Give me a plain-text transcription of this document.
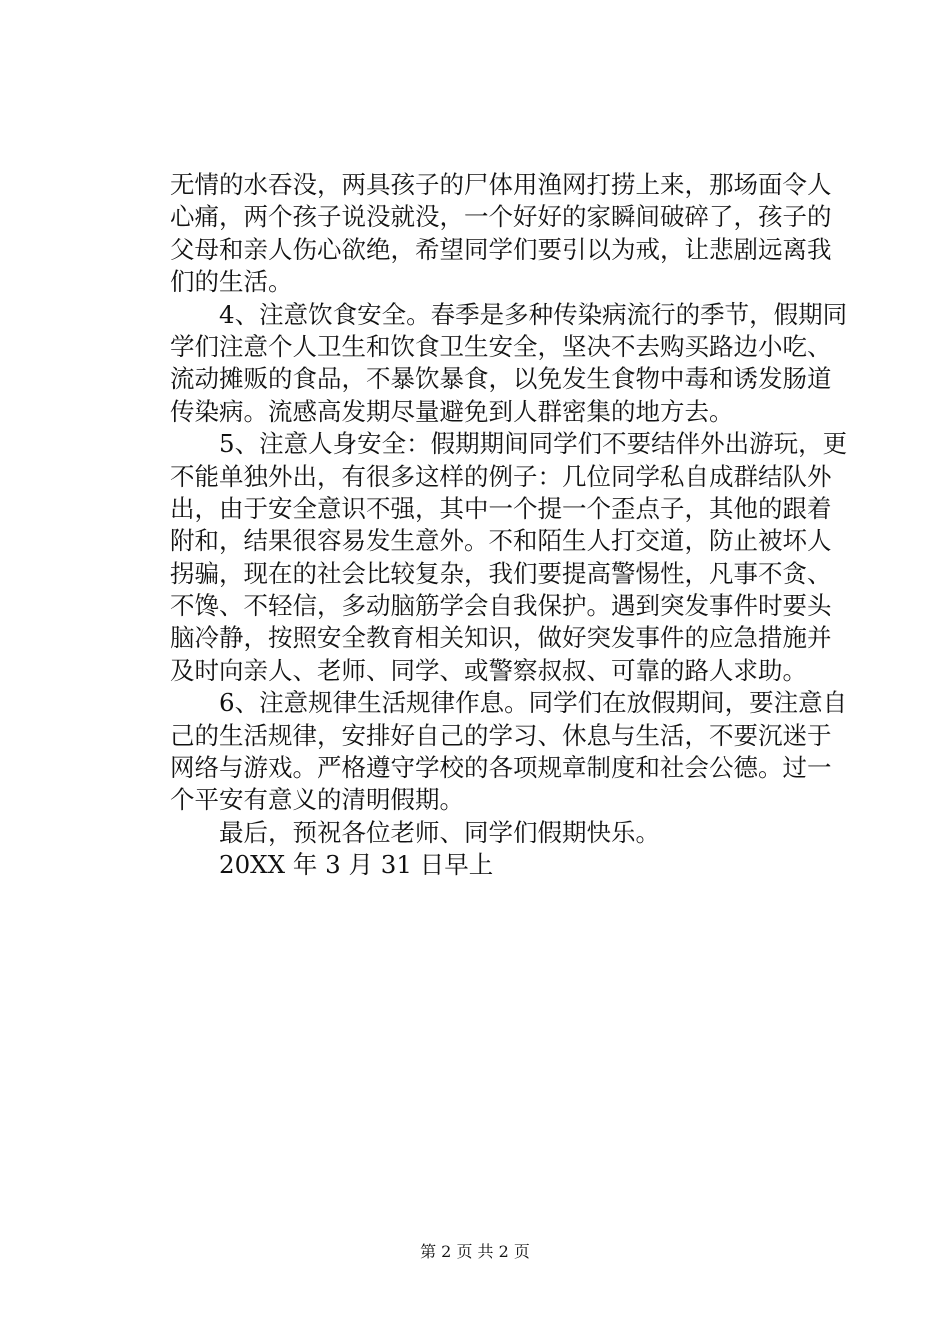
无 情 的 水 吞 没 ， 两 具 孩 子 的 尸 体 用 渔 网 打 捞 上 来 ， 那 场 面 令 人
心 痛 ， 两 个 孩 子 说 没 就 没 ， 一 个 好 好 的 家 瞬 间 破 碎 了 ， 孩 子 的
父 母 和 亲 人 伤 心 欲 绝 ， 希 望 同 学 们 要 引 以 为 戒 ， 让 悲 剧 远 离 我
们的生活。

4 、 注 意 饮 食 安 全 。 春 季 是 多 种 传 染 病 流 行 的 季 节 ， 假 期 同
学 们 注 意 个 人 卫 生 和 饮 食 卫 生 安 全 ， 坚 决 不 去 购 买 路 边 小 吃 、
流 动 摊 贩 的 食 品 ， 不 暴 饮 暴 食 ， 以 免 发 生 食 物 中 毒 和 诱 发 肠 道
传染病。流感高发期尽量避免到人群密集的地方去。

5 、 注 意 人 身 安 全 ： 假 期 期 间 同 学 们 不 要 结 伴 外 出 游 玩 ， 更
不 能 单 独 外 出 ， 有 很 多 这 样 的 例 子 ： 几 位 同 学 私 自 成 群 结 队 外
出 ， 由 于 安 全 意 识 不 强 ， 其 中 一 个 提 一 个 歪 点 子 ， 其 他 的 跟 着
附 和 ， 结 果 很 容 易 发 生 意 外 。 不 和 陌 生 人 打 交 道 ， 防 止 被 坏 人
拐 骗 ， 现 在 的 社 会 比 较 复 杂 ， 我 们 要 提 高 警 惕 性 ， 凡 事 不 贪 、
不 馋 、 不 轻 信 ， 多 动 脑 筋 学 会 自 我 保 护 。 遇 到 突 发 事 件 时 要 头
脑 冷 静 ， 按 照 安 全 教 育 相 关 知 识 ， 做 好 突 发 事 件 的 应 急 措 施 并
及时向亲人、老师、同学、或警察叔叔、可靠的路人求助。

6 、 注 意 规 律 生 活 规 律 作 息 。 同 学 们 在 放 假 期 间 ， 要 注 意 自
己 的 生 活 规 律 ， 安 排 好 自 己 的 学 习 、 休 息 与 生 活 ， 不 要 沉 迷 于
网 络 与 游 戏 。 严 格 遵 守 学 校 的 各 项 规 章 制 度 和 社 会 公 德 。 过 一
个平安有意义的清明假期。
　　最后，预祝各位老师、同学们假期快乐。
　　20XX 年 3 月 31 日早上
第 2 页 共 2 页
